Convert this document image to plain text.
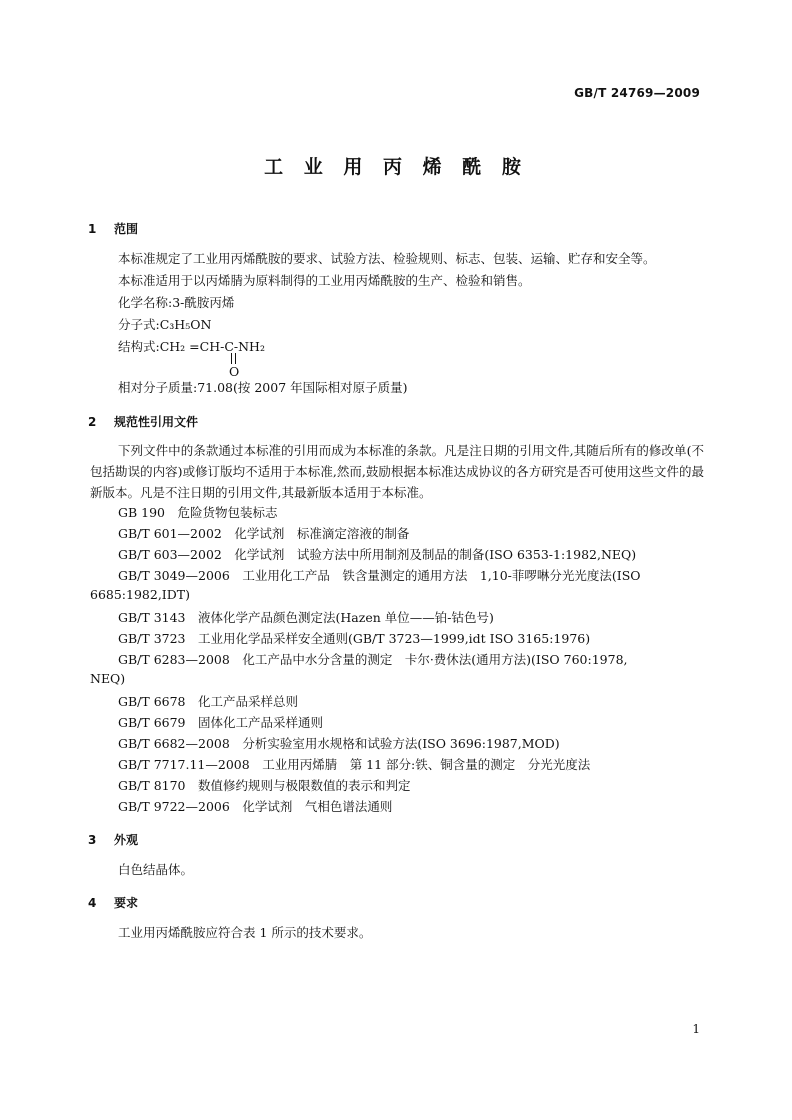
GB/T 24769—2009
工 业 用 丙 烯 酰 胺
1 范围
本标准规定了工业用丙烯酰胺的要求、试验方法、检验规则、标志、包装、运输、贮存和安全等。
本标准适用于以丙烯腈为原料制得的工业用丙烯酰胺的生产、检验和销售。
化学名称:3-酰胺丙烯
分子式:C₃H₅ON
结构式:CH₂ =CH-C-NH₂
O
相对分子质量:71.08(按 2007 年国际相对原子质量)
2 规范性引用文件
下列文件中的条款通过本标准的引用而成为本标准的条款。凡是注日期的引用文件,其随后所有的修改单(不包括勘误的内容)或修订版均不适用于本标准,然而,鼓励根据本标准达成协议的各方研究是否可使用这些文件的最新版本。凡是不注日期的引用文件,其最新版本适用于本标准。
GB 190　危险货物包装标志
GB/T 601—2002　化学试剂　标准滴定溶液的制备
GB/T 603—2002　化学试剂　试验方法中所用制剂及制品的制备(ISO 6353-1:1982,NEQ)
GB/T 3049—2006　工业用化工产品　铁含量测定的通用方法　1,10-菲啰啉分光光度法(ISO
6685:1982,IDT)
GB/T 3143　液体化学产品颜色测定法(Hazen 单位——铂-钴色号)
GB/T 3723　工业用化学品采样安全通则(GB/T 3723—1999,idt ISO 3165:1976)
GB/T 6283—2008　化工产品中水分含量的测定　卡尔·费休法(通用方法)(ISO 760:1978,
NEQ)
GB/T 6678　化工产品采样总则
GB/T 6679　固体化工产品采样通则
GB/T 6682—2008　分析实验室用水规格和试验方法(ISO 3696:1987,MOD)
GB/T 7717.11—2008　工业用丙烯腈　第 11 部分:铁、铜含量的测定　分光光度法
GB/T 8170　数值修约规则与极限数值的表示和判定
GB/T 9722—2006　化学试剂　气相色谱法通则
3 外观
白色结晶体。
4 要求
工业用丙烯酰胺应符合表 1 所示的技术要求。
1
